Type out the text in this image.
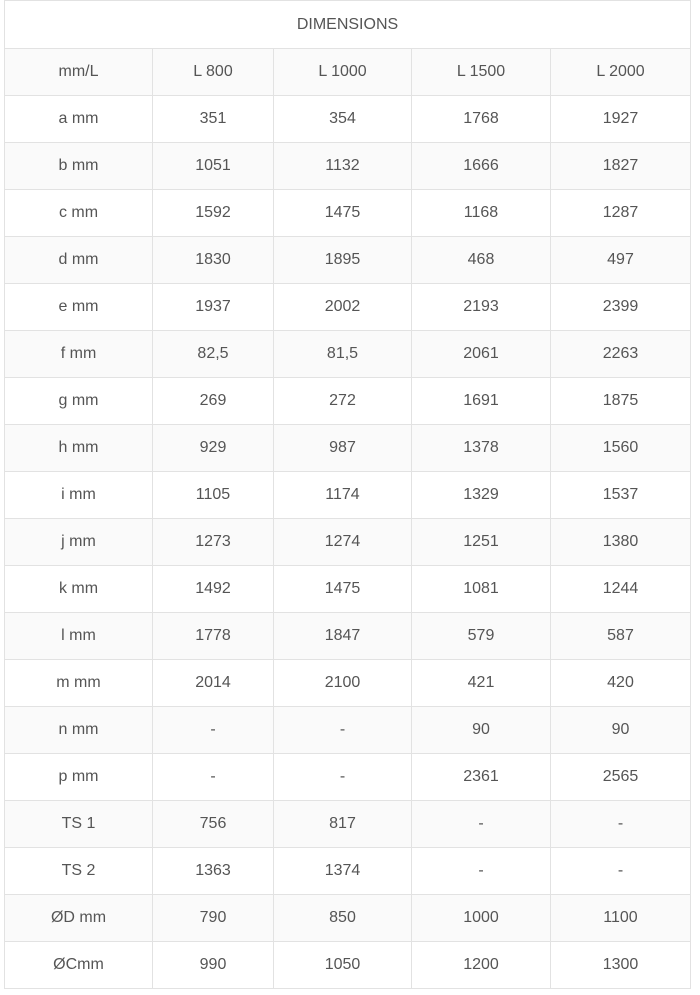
DIMENSIONS				
mm/L	L 800	L 1000	L 1500	L 2000
a mm	351	354	1768	1927
b mm	1051	1132	1666	1827
c mm	1592	1475	1168	1287
d mm	1830	1895	468	497
e mm	1937	2002	2193	2399
f mm	82,5	81,5	2061	2263
g mm	269	272	1691	1875
h mm	929	987	1378	1560
i mm	1105	1174	1329	1537
j mm	1273	1274	1251	1380
k mm	1492	1475	1081	1244
l mm	1778	1847	579	587
m mm	2014	2100	421	420
n mm	-	-	90	90
p mm	-	-	2361	2565
TS 1	756	817	-	-
TS 2	1363	1374	-	-
ØD mm	790	850	1000	1100
ØCmm	990	1050	1200	1300
